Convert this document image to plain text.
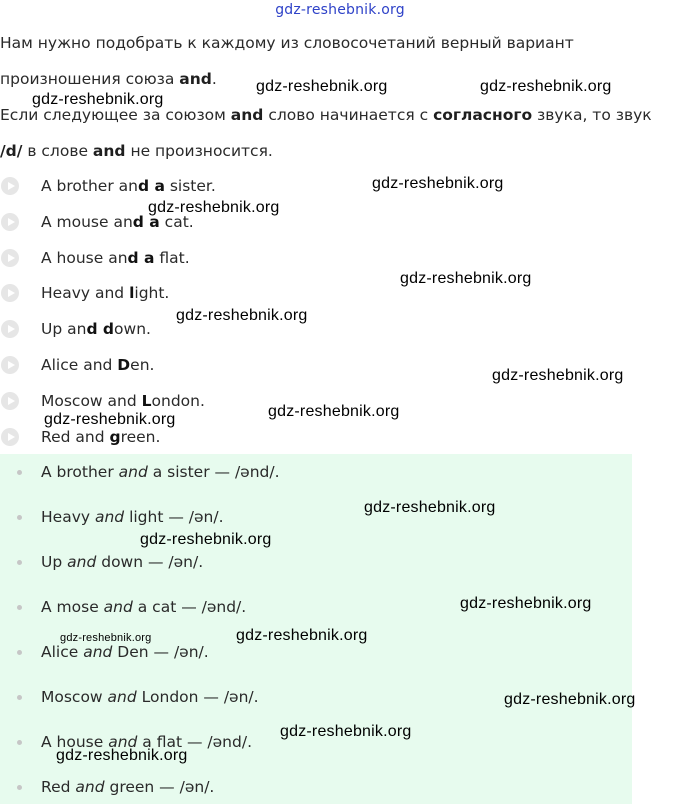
gdz-reshebnik.org

Нам нужно подобрать к каждому из словосочетаний верный вариант

произношения союза and.

Если следующее за союзом and слово начинается с согласного звука, то звук

/d/ в слове and не произносится.

A brother and a sister.
A mouse and a cat.
A house and a flat.
Heavy and light.
Up and down.
Alice and Den.
Moscow and London.
Red and green.
A brother and a sister — /ənd/.
Heavy and light — /ən/.
Up and down — /ən/.
A mose and a cat — /ənd/.
Alice and Den — /ən/.
Moscow and London — /ən/.
A house and a flat — /ənd/.
Red and green — /ən/.
gdz-reshebnik.org	gdz-reshebnik.org
gdz-reshebnik.org
gdz-reshebnik.org
gdz-reshebnik.org
gdz-reshebnik.org
gdz-reshebnik.org
gdz-reshebnik.org
gdz-reshebnik.org
gdz-reshebnik.org
gdz-reshebnik.org
gdz-reshebnik.org
gdz-reshebnik.org
gdz-reshebnik.org	gdz-reshebnik.org
gdz-reshebnik.org
gdz-reshebnik.org
gdz-reshebnik.org
